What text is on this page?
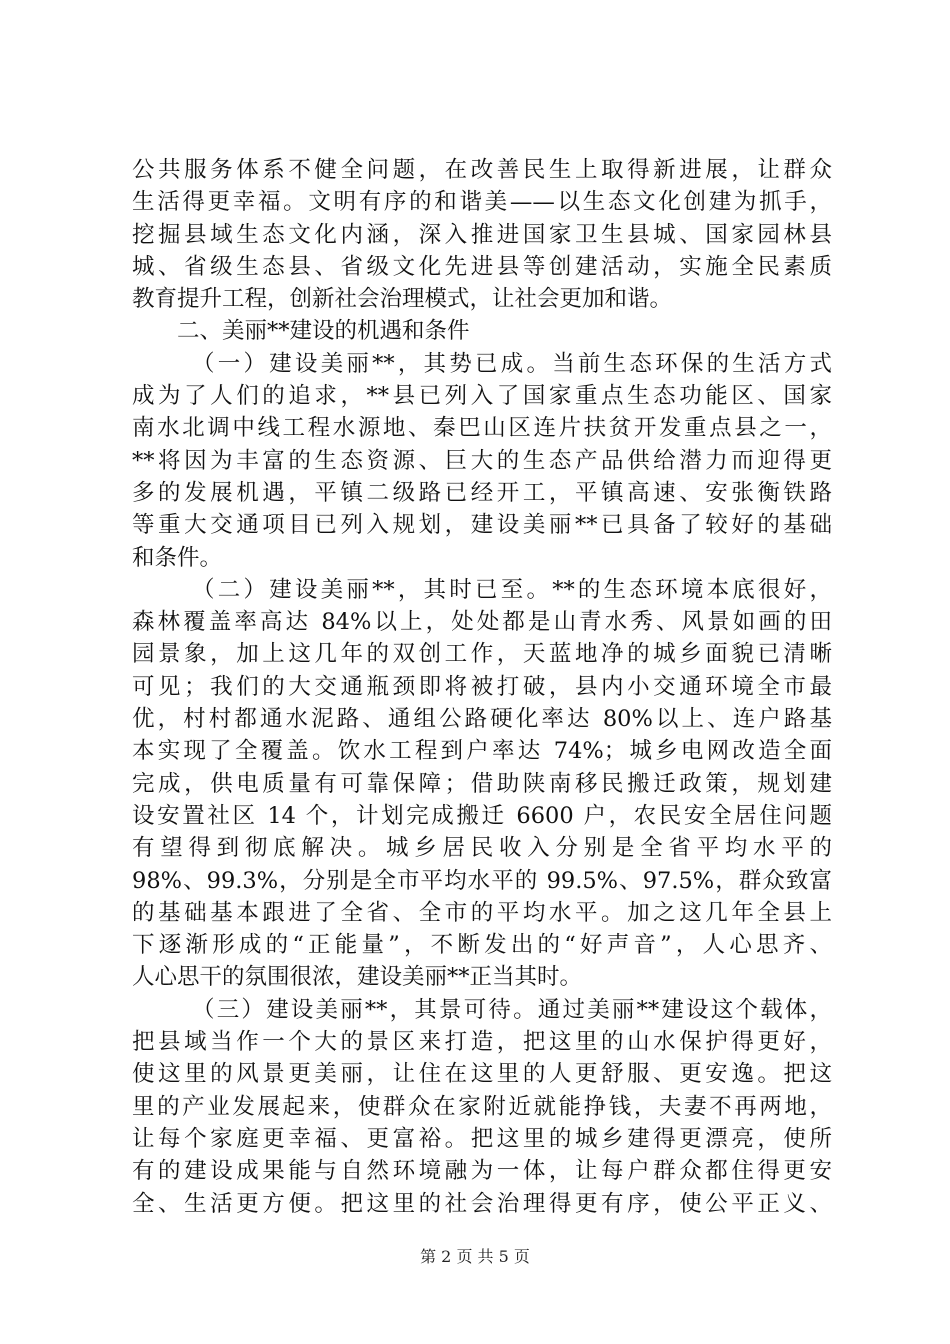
公共服务体系不健全问题，在改善民生上取得新进展，让群众
生活得更幸福。文明有序的和谐美——以生态文化创建为抓手，
挖掘县域生态文化内涵，深入推进国家卫生县城、国家园林县
城、省级生态县、省级文化先进县等创建活动，实施全民素质
教育提升工程，创新社会治理模式，让社会更加和谐。
二、美丽**建设的机遇和条件
（一）建设美丽**，其势已成。当前生态环保的生活方式
成为了人们的追求，**县已列入了国家重点生态功能区、国家
南水北调中线工程水源地、秦巴山区连片扶贫开发重点县之一，
**将因为丰富的生态资源、巨大的生态产品供给潜力而迎得更
多的发展机遇，平镇二级路已经开工，平镇高速、安张衡铁路
等重大交通项目已列入规划，建设美丽**已具备了较好的基础
和条件。
（二）建设美丽**，其时已至。**的生态环境本底很好，
森林覆盖率高达 84%以上，处处都是山青水秀、风景如画的田
园景象，加上这几年的双创工作，天蓝地净的城乡面貌已清晰
可见；我们的大交通瓶颈即将被打破，县内小交通环境全市最
优，村村都通水泥路、通组公路硬化率达 80%以上、连户路基
本实现了全覆盖。饮水工程到户率达 74%；城乡电网改造全面
完成，供电质量有可靠保障；借助陕南移民搬迁政策，规划建
设安置社区 14 个，计划完成搬迁 6600 户，农民安全居住问题
有望得到彻底解决。城乡居民收入分别是全省平均水平的
98%、99.3%，分别是全市平均水平的 99.5%、97.5%，群众致富
的基础基本跟进了全省、全市的平均水平。加之这几年全县上
下逐渐形成的“正能量”，不断发出的“好声音”，人心思齐、
人心思干的氛围很浓，建设美丽**正当其时。
（三）建设美丽**，其景可待。通过美丽**建设这个载体，
把县域当作一个大的景区来打造，把这里的山水保护得更好，
使这里的风景更美丽，让住在这里的人更舒服、更安逸。把这
里的产业发展起来，使群众在家附近就能挣钱，夫妻不再两地，
让每个家庭更幸福、更富裕。把这里的城乡建得更漂亮，使所
有的建设成果能与自然环境融为一体，让每户群众都住得更安
全、生活更方便。把这里的社会治理得更有序，使公平正义、
第 2 页 共 5 页
